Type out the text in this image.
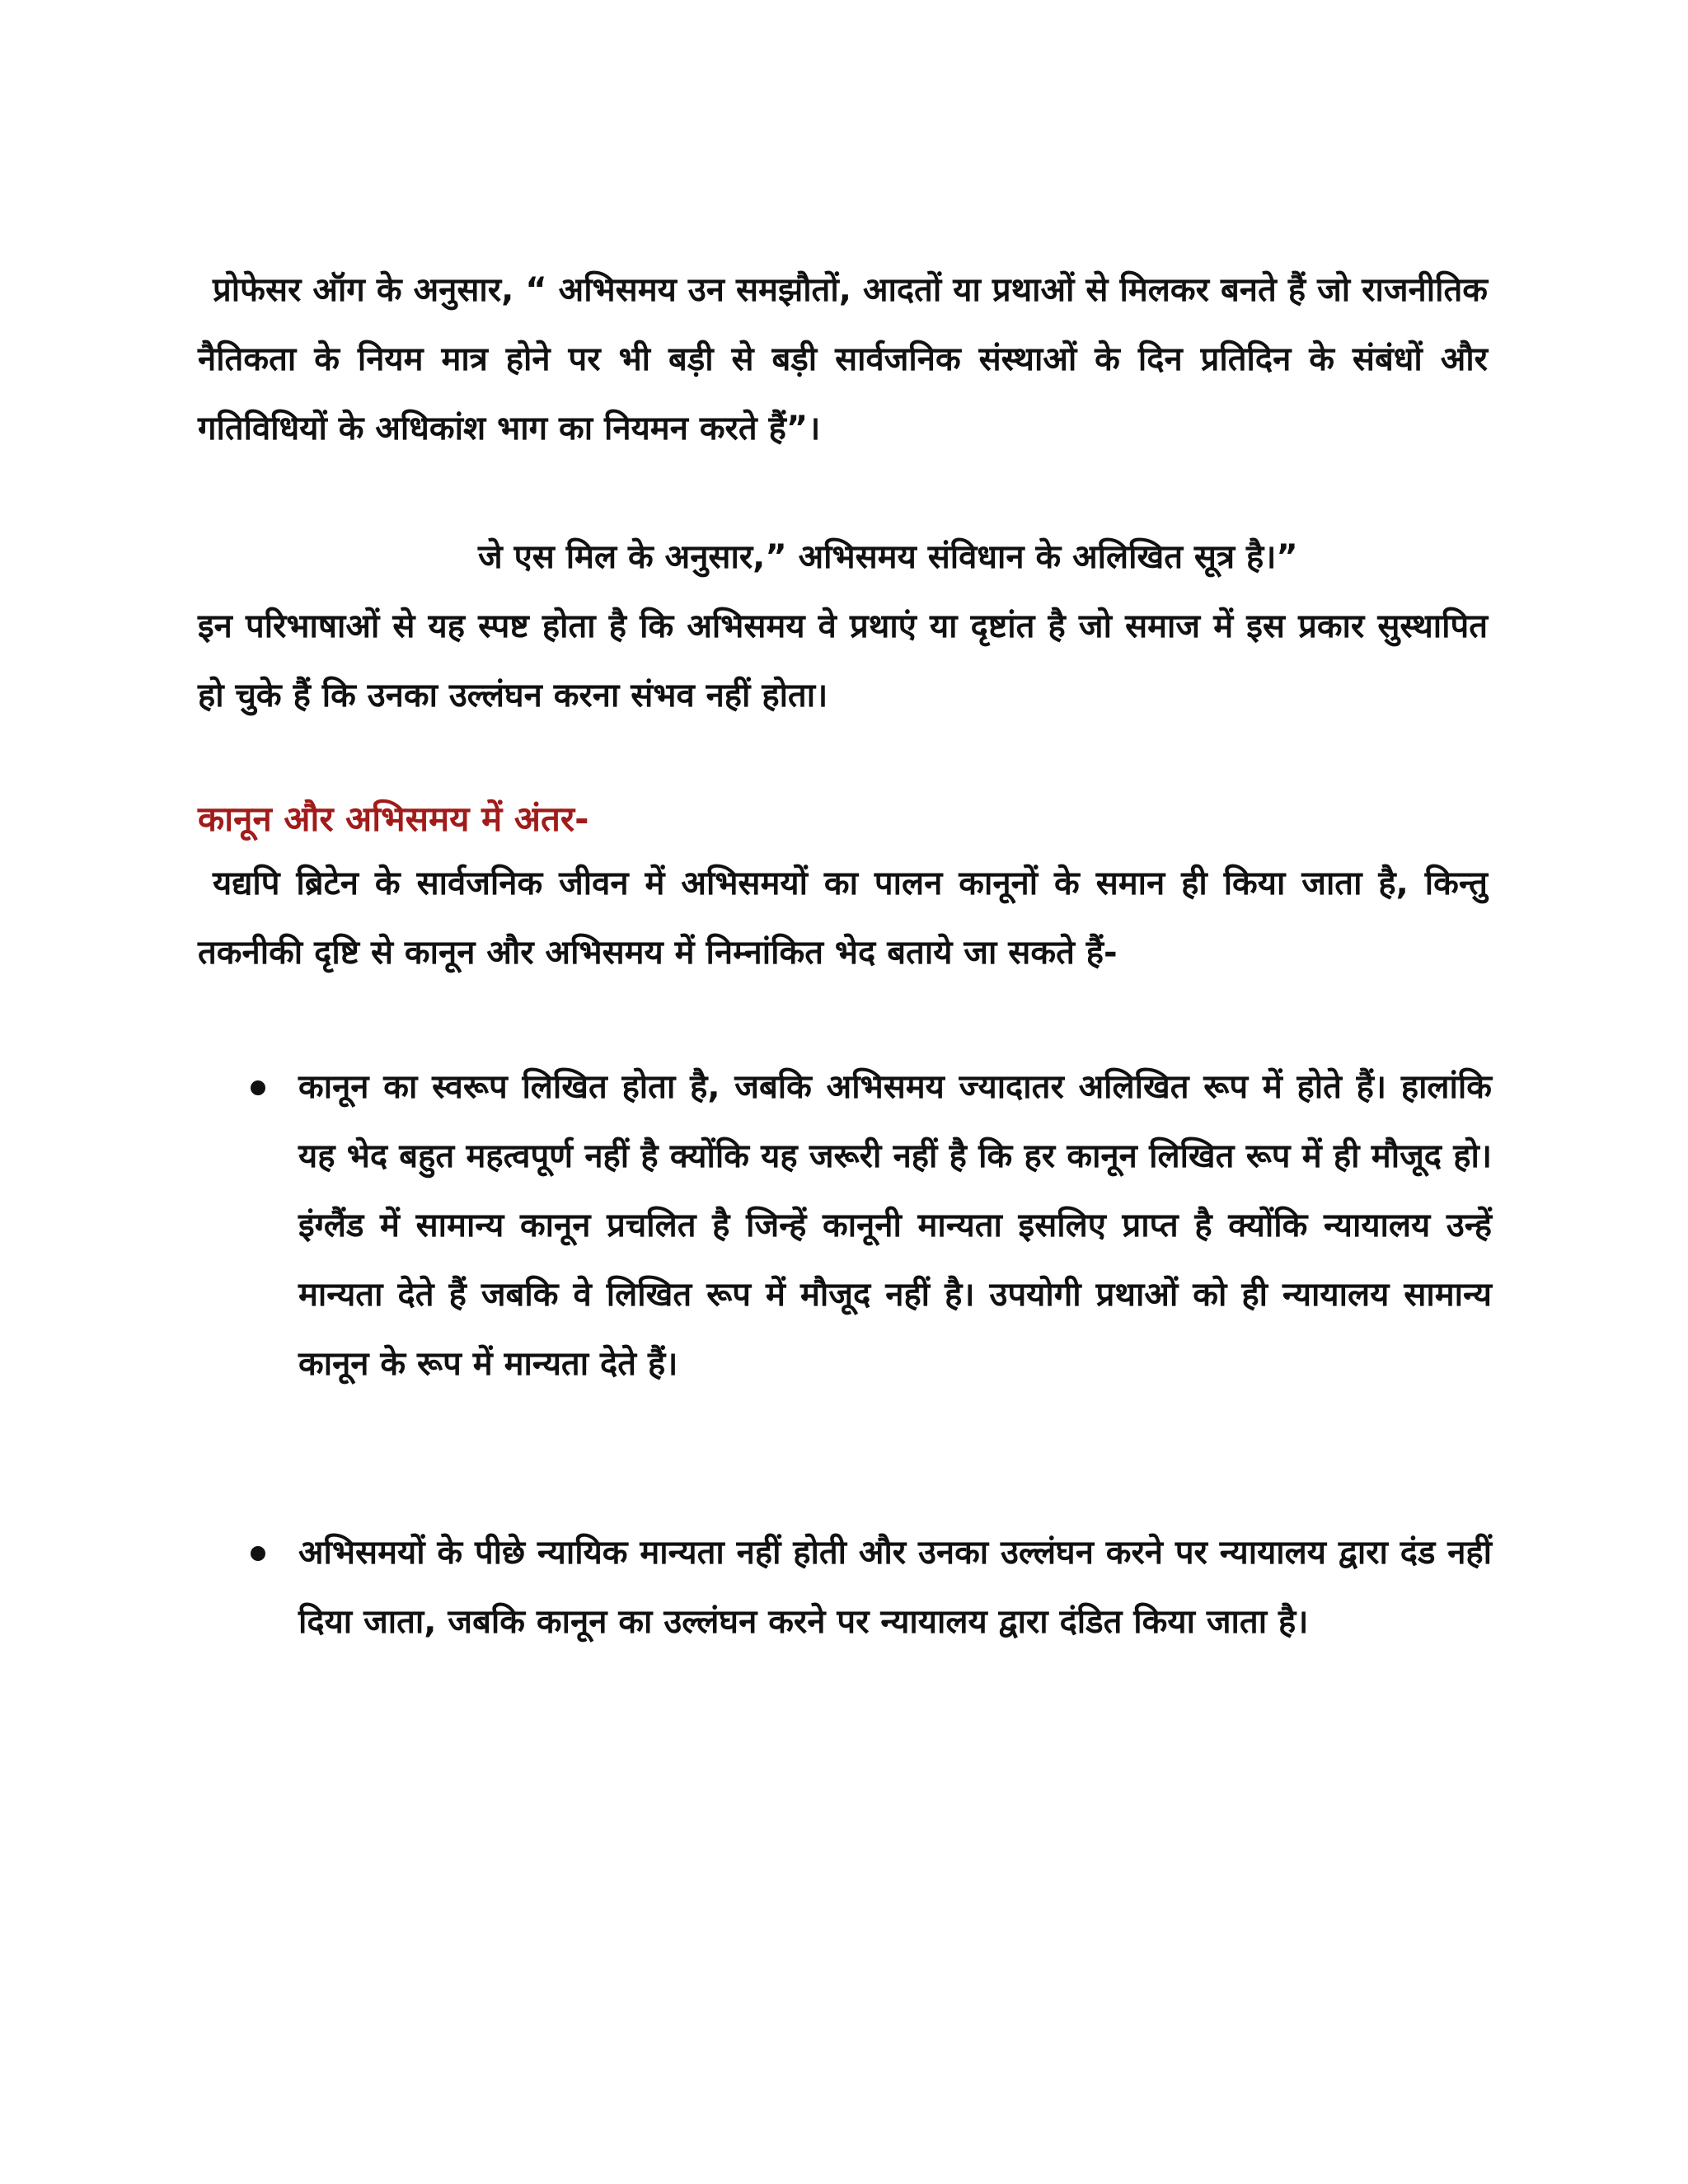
प्रोफेसर ऑग के अनुसार, “ अभिसमय उन समझौतों, आदतों या प्रथाओं से मिलकर बनते हैं जो राजनीतिक नैतिकता के नियम मात्र होने पर भी बड़ी से बड़ी सार्वजनिक संस्थाओं के दिन प्रतिदिन के संबंधों और गतिविधियों के अधिकांश भाग का नियमन करते हैं”।

जे एस मिल के अनुसार,” अभिसमय संविधान के अलिखित सूत्र है।”

इन परिभाषाओं से यह स्पष्ट होता है कि अभिसमय वे प्रथाएं या दृष्टांत है जो समाज में इस प्रकार सुस्थापित हो चुके हैं कि उनका उल्लंघन करना संभव नहीं होता।

कानून और अभिसमय में अंतर-

यद्यपि ब्रिटेन के सार्वजनिक जीवन में अभिसमयों का पालन कानूनों के समान ही किया जाता है, किन्तु तकनीकी दृष्टि से कानून और अभिसमय में निम्नांकित भेद बताये जा सकते हैं-

कानून का स्वरूप लिखित होता है, जबकि अभिसमय ज्यादातर अलिखित रूप में होते हैं। हालांकि यह भेद बहुत महत्वपूर्ण नहीं है क्योंकि यह जरूरी नहीं है कि हर कानून लिखित रूप में ही मौजूद हो। इंग्लैंड में सामान्य कानून प्रचलित है जिन्हें कानूनी मान्यता इसलिए प्राप्त है क्योंकि न्यायालय उन्हें मान्यता देते हैं जबकि वे लिखित रूप में मौजूद नहीं है। उपयोगी प्रथाओं को ही न्यायालय सामान्य कानून के रूप में मान्यता देते हैं।
अभिसमयों के पीछे न्यायिक मान्यता नहीं होती और उनका उल्लंघन करने पर न्यायालय द्वारा दंड नहीं दिया जाता, जबकि कानून का उल्लंघन करने पर न्यायालय द्वारा दंडित किया जाता है।
